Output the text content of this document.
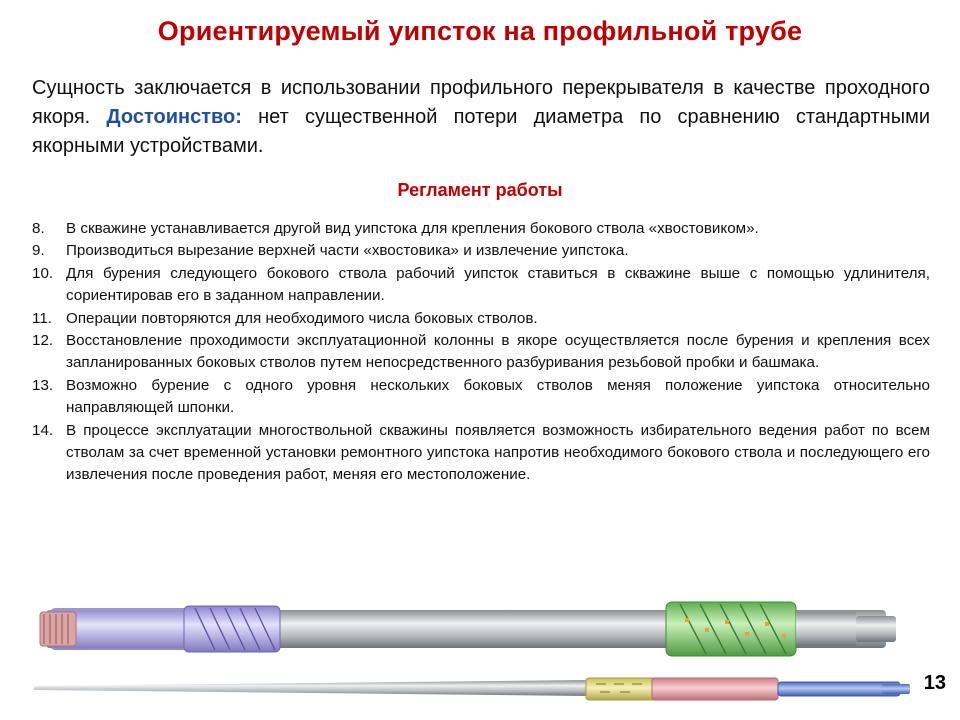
Ориентируемый уипсток на профильной трубе
Сущность заключается в использовании профильного перекрывателя в качестве проходного якоря. Достоинство: нет существенной потери диаметра по сравнению стандартными якорными устройствами.
Регламент работы
8.	В скважине устанавливается другой вид уипстока для крепления бокового ствола «хвостовиком».
9.	Производиться вырезание верхней части «хвостовика» и извлечение уипстока.
10. Для бурения следующего бокового ствола рабочий уипсток ставиться в скважине выше с помощью удлинителя, сориентировав его в заданном направлении.
11. Операции повторяются для необходимого числа боковых стволов.
12. Восстановление проходимости эксплуатационной колонны в якоре осуществляется после бурения и крепления всех запланированных боковых стволов путем непосредственного разбуривания резьбовой пробки и башмака.
13. Возможно бурение с одного уровня нескольких боковых стволов меняя положение уипстока относительно направляющей шпонки.
14. В процессе эксплуатации многоствольной скважины появляется возможность избирательного ведения работ по всем стволам за счет временной установки ремонтного уипстока напротив необходимого бокового ствола и последующего его извлечения после проведения работ, меняя его местоположение.
13
